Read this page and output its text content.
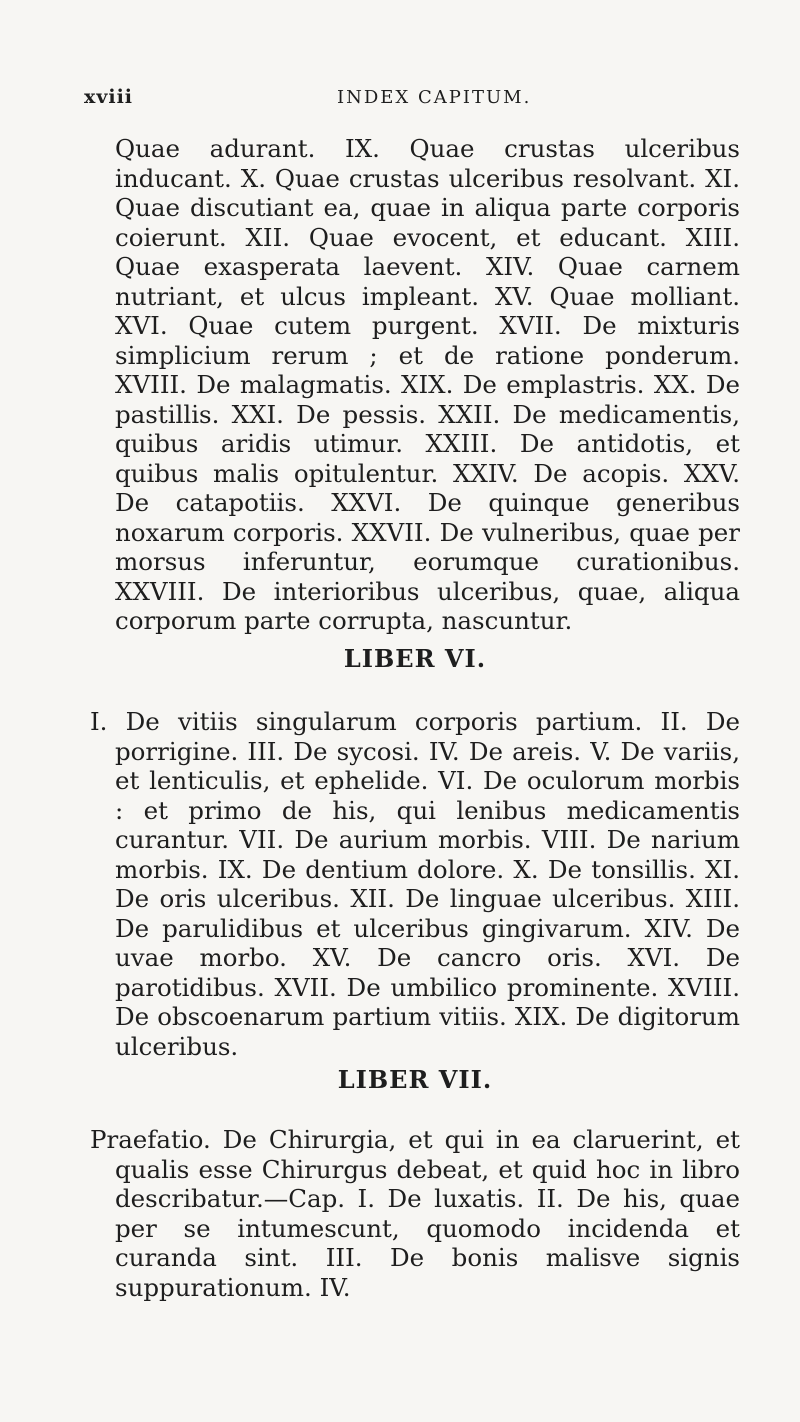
xviii	INDEX CAPITUM.

Quae adurant. IX. Quae crustas ulceribus inducant. X. Quae crustas ulceribus resolvant. XI. Quae discutiant ea, quae in aliqua parte corporis coierunt. XII. Quae evocent, et educant. XIII. Quae exasperata laevent. XIV. Quae carnem nutriant, et ulcus impleant. XV. Quae molliant. XVI. Quae cutem purgent. XVII. De mixturis simplicium rerum ; et de ratione ponderum. XVIII. De malagmatis. XIX. De emplastris. XX. De pastillis. XXI. De pessis. XXII. De medicamentis, quibus aridis utimur. XXIII. De antidotis, et quibus malis opitulentur. XXIV. De acopis. XXV. De catapotiis. XXVI. De quinque generibus noxarum corporis. XXVII. De vulneribus, quae per morsus inferuntur, eorumque curationibus. XXVIII. De interioribus ulceribus, quae, aliqua corporum parte corrupta, nascuntur.

LIBER VI.

I. De vitiis singularum corporis partium. II. De porrigine. III. De sycosi. IV. De areis. V. De variis, et lenticulis, et ephelide. VI. De oculorum morbis : et primo de his, qui lenibus medicamentis curantur. VII. De aurium morbis. VIII. De narium morbis. IX. De dentium dolore. X. De tonsillis. XI. De oris ulceribus. XII. De linguae ulceribus. XIII. De parulidibus et ulceribus gingivarum. XIV. De uvae morbo. XV. De cancro oris. XVI. De parotidibus. XVII. De umbilico prominente. XVIII. De obscoenarum partium vitiis. XIX. De digitorum ulceribus.

LIBER VII.

Praefatio. De Chirurgia, et qui in ea claruerint, et qualis esse Chirurgus debeat, et quid hoc in libro describatur.—Cap. I. De luxatis. II. De his, quae per se intumescunt, quomodo incidenda et curanda sint. III. De bonis malisve signis suppurationum. IV.
